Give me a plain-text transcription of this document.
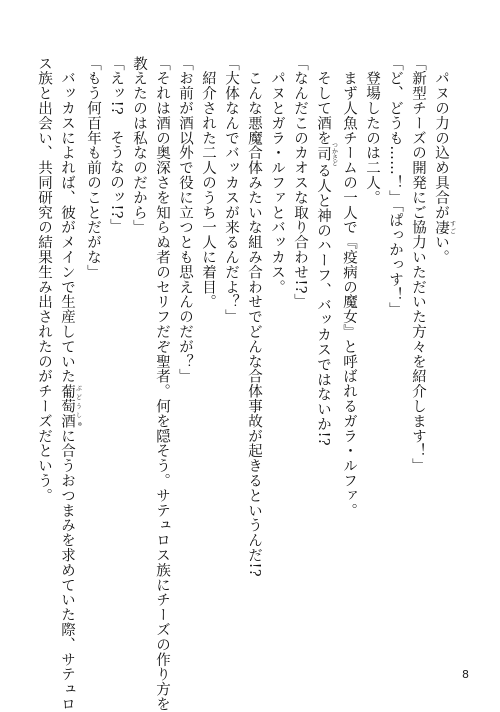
　パヌの力の込め具合が凄 すごい。
「新型チーズの開発にご協力いただいた方々を紹介します！」
「ど、どうも……！」「ぱっかっす！」
　登場したのは二人。
　まず人魚チームの一人で『疫病の魔女』と呼ばれるガラ・ルファ。
　そして酒を司 つかさどる人と神のハーフ、バッカスではないか!?
「なんだこのカオスな取り合わせ!?」
　パヌとガラ・ルファとバッカス。
　こんな悪魔合体みたいな組み合わせでどんな合体事故が起きるというんだ!?
「大体なんでバッカスが来るんだよ？」
　紹介された二人のうち一人に着目。
「お前が酒以外で役に立つとも思えんのだが？」
「それは酒の奥深さを知らぬ者のセリフだぞ聖者。何を隠そう。サテュロス族にチーズの作り方を
教えたのは私なのだから」
「えッ!?　そうなのッ!?」
「もう何百年も前のことだがな」
　バッカスによれば、彼がメインで生産していた葡萄酒 ぶどうしゅに合うおつまみを求めていた際、サテュロ
ス族と出会い、共同研究の結果生み出されたのがチーズだという。
8
